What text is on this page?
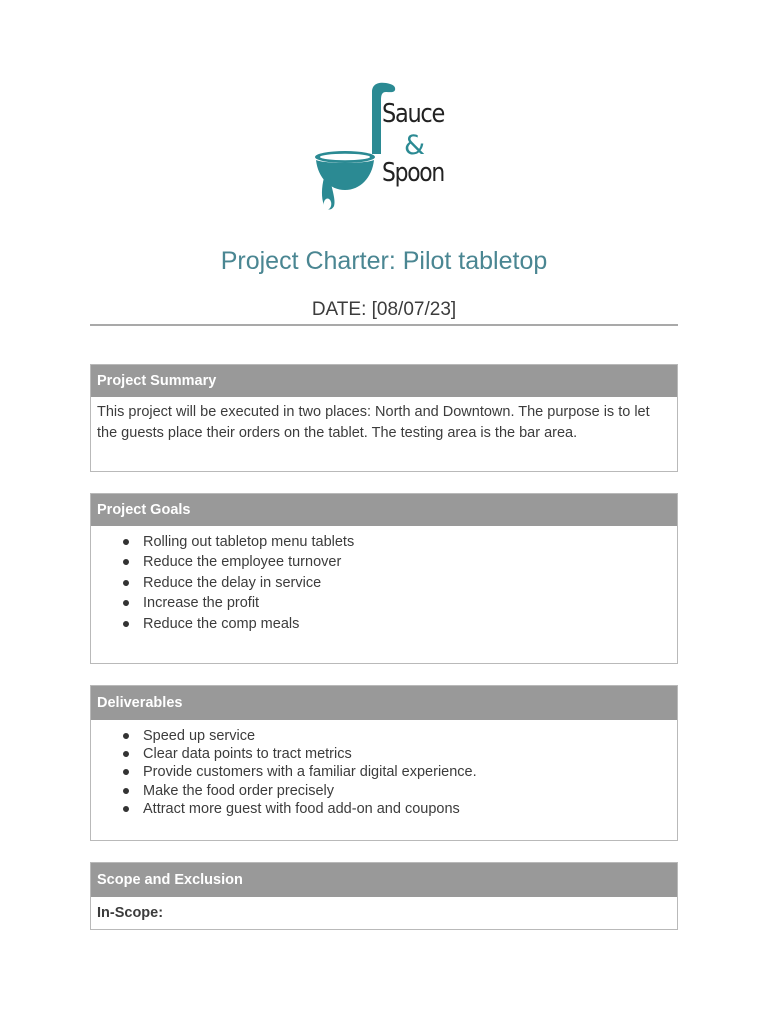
Sauce
&
Spoon
Project Charter: Pilot tabletop
DATE: [08/07/23]
Project Summary
This project will be executed in two places: North and Downtown. The purpose is to let the guests place their orders on the tablet. The testing area is the bar area.
Project Goals
Rolling out tabletop menu tablets
Reduce the employee turnover
Reduce the delay in service
Increase the profit
Reduce the comp meals
Deliverables
Speed up service
Clear data points to tract metrics
Provide customers with a familiar digital experience.
Make the food order precisely
Attract more guest with food add-on and coupons
Scope and Exclusion
In-Scope:
